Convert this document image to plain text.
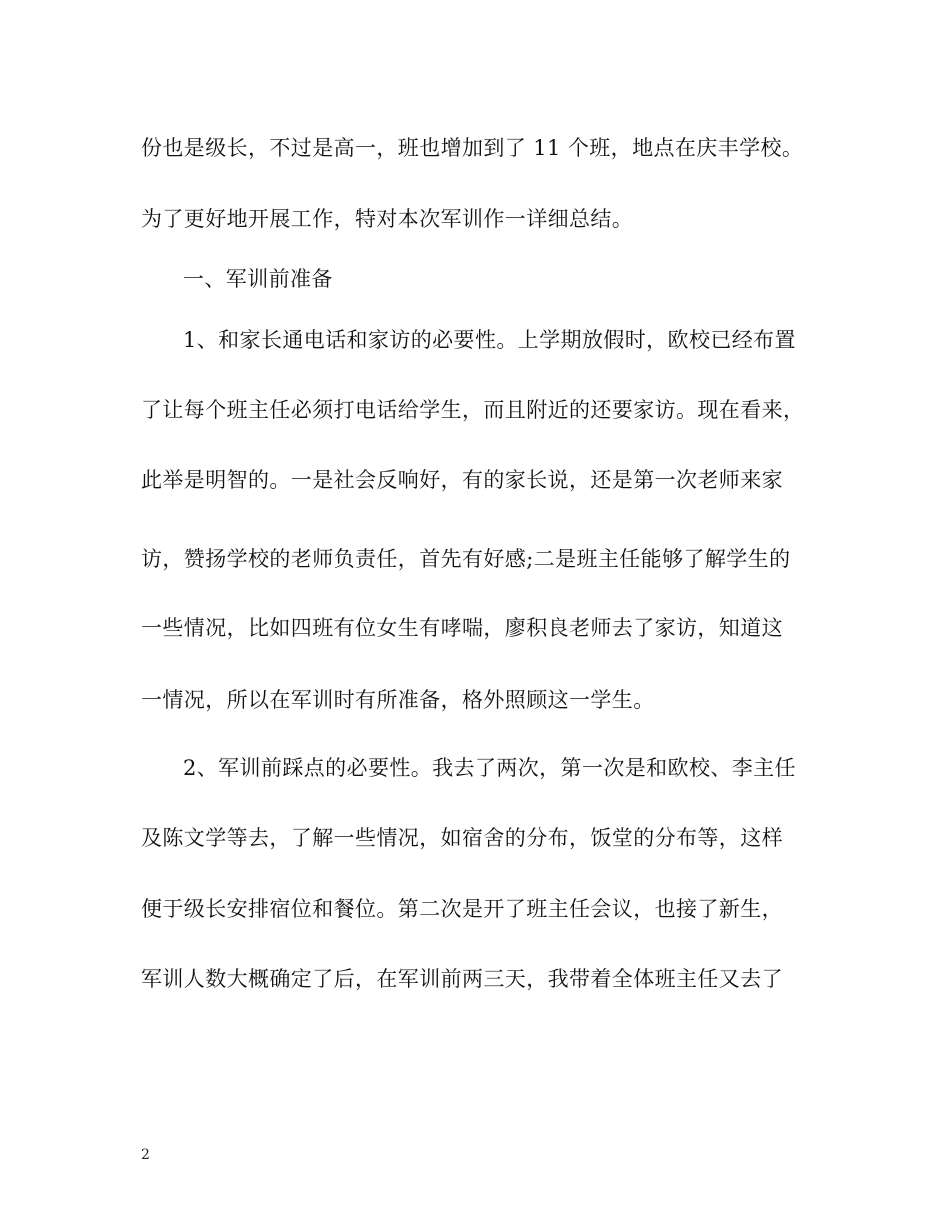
份也是级长，不过是高一，班也增加到了 11 个班，地点在庆丰学校。
为了更好地开展工作，特对本次军训作一详细总结。
一、军训前准备
1、和家长通电话和家访的必要性。上学期放假时，欧校已经布置
了让每个班主任必须打电话给学生，而且附近的还要家访。现在看来，
此举是明智的。一是社会反响好，有的家长说，还是第一次老师来家
访，赞扬学校的老师负责任，首先有好感;二是班主任能够了解学生的
一些情况，比如四班有位女生有哮喘，廖积良老师去了家访，知道这
一情况，所以在军训时有所准备，格外照顾这一学生。
2、军训前踩点的必要性。我去了两次，第一次是和欧校、李主任
及陈文学等去，了解一些情况，如宿舍的分布，饭堂的分布等，这样
便于级长安排宿位和餐位。第二次是开了班主任会议，也接了新生，
军训人数大概确定了后，在军训前两三天，我带着全体班主任又去了
2
